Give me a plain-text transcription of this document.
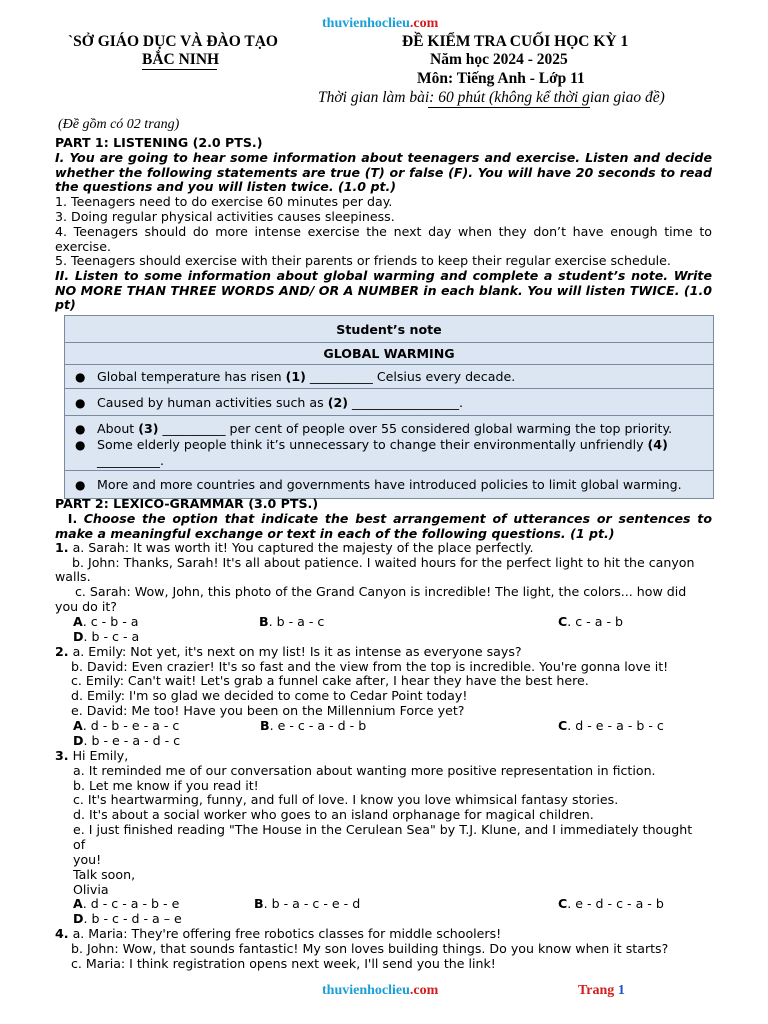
thuvienhoclieu.com
`SỞ GIÁO DỤC VÀ ĐÀO TẠO
BẮC NINH
ĐỀ KIỂM TRA CUỐI HỌC KỲ 1
Năm học 2024 - 2025
Môn: Tiếng Anh - Lớp 11
Thời gian làm bài: 60 phút (không kể thời gian giao đề)
(Đề gồm có 02 trang)
PART 1: LISTENING (2.0 PTS.)
I. You are going to hear some information about teenagers and exercise. Listen and decide whether the following statements are true (T) or false (F). You will have 20 seconds to read the questions and you will listen twice. (1.0 pt.)
1. Teenagers need to do exercise 60 minutes per day.
3. Doing regular physical activities causes sleepiness.
4. Teenagers should do more intense exercise the next day when they don’t have enough time to exercise.
5. Teenagers should exercise with their parents or friends to keep their regular exercise schedule.
II. Listen to some information about global warming and complete a student’s note. Write NO MORE THAN THREE WORDS AND/ OR A NUMBER in each blank. You will listen TWICE. (1.0 pt)
Student’s note
GLOBAL WARMING
● Global temperature has risen (1) __________ Celsius every decade.
● Caused by human activities such as (2) _________________.

● About (3) __________ per cent of people over 55 considered global warming the top priority.
● Some elderly people think it’s unnecessary to change their environmentally unfriendly (4)
__________.

● More and more countries and governments have introduced policies to limit global warming.
PART 2: LEXICO-GRAMMAR (3.0 PTS.)
I. Choose the option that indicate the best arrangement of utterances or sentences to make a meaningful exchange or text in each of the following questions. (1 pt.)
1. a. Sarah: It was worth it! You captured the majesty of the place perfectly.
b. John: Thanks, Sarah! It's all about patience. I waited hours for the perfect light to hit the canyon
walls.
c. Sarah: Wow, John, this photo of the Grand Canyon is incredible! The light, the colors... how did
you do it?
A. c - b - a	B. b - a - c	C. c - a - b
D. b - c - a
2. a. Emily: Not yet, it's next on my list! Is it as intense as everyone says?
b. David: Even crazier! It's so fast and the view from the top is incredible. You're gonna love it!
c. Emily: Can't wait! Let's grab a funnel cake after, I hear they have the best here.
d. Emily: I'm so glad we decided to come to Cedar Point today!
e. David: Me too! Have you been on the Millennium Force yet?
A. d - b - e - a - c	B. e - c - a - d - b	C. d - e - a - b - c
D. b - e - a - d - c
3. Hi Emily,
a. It reminded me of our conversation about wanting more positive representation in fiction.
b. Let me know if you read it!
c. It's heartwarming, funny, and full of love. I know you love whimsical fantasy stories.
d. It's about a social worker who goes to an island orphanage for magical children.
e. I just finished reading "The House in the Cerulean Sea" by T.J. Klune, and I immediately thought
of
you!
Talk soon,
Olivia
A. d - c - a - b - e	B. b - a - c - e - d	C. e - d - c - a - b
D. b - c - d - a – e
4. a. Maria: They're offering free robotics classes for middle schoolers!
b. John: Wow, that sounds fantastic! My son loves building things. Do you know when it starts?
c. Maria: I think registration opens next week, I'll send you the link!
thuvienhoclieu.com	Trang 1
